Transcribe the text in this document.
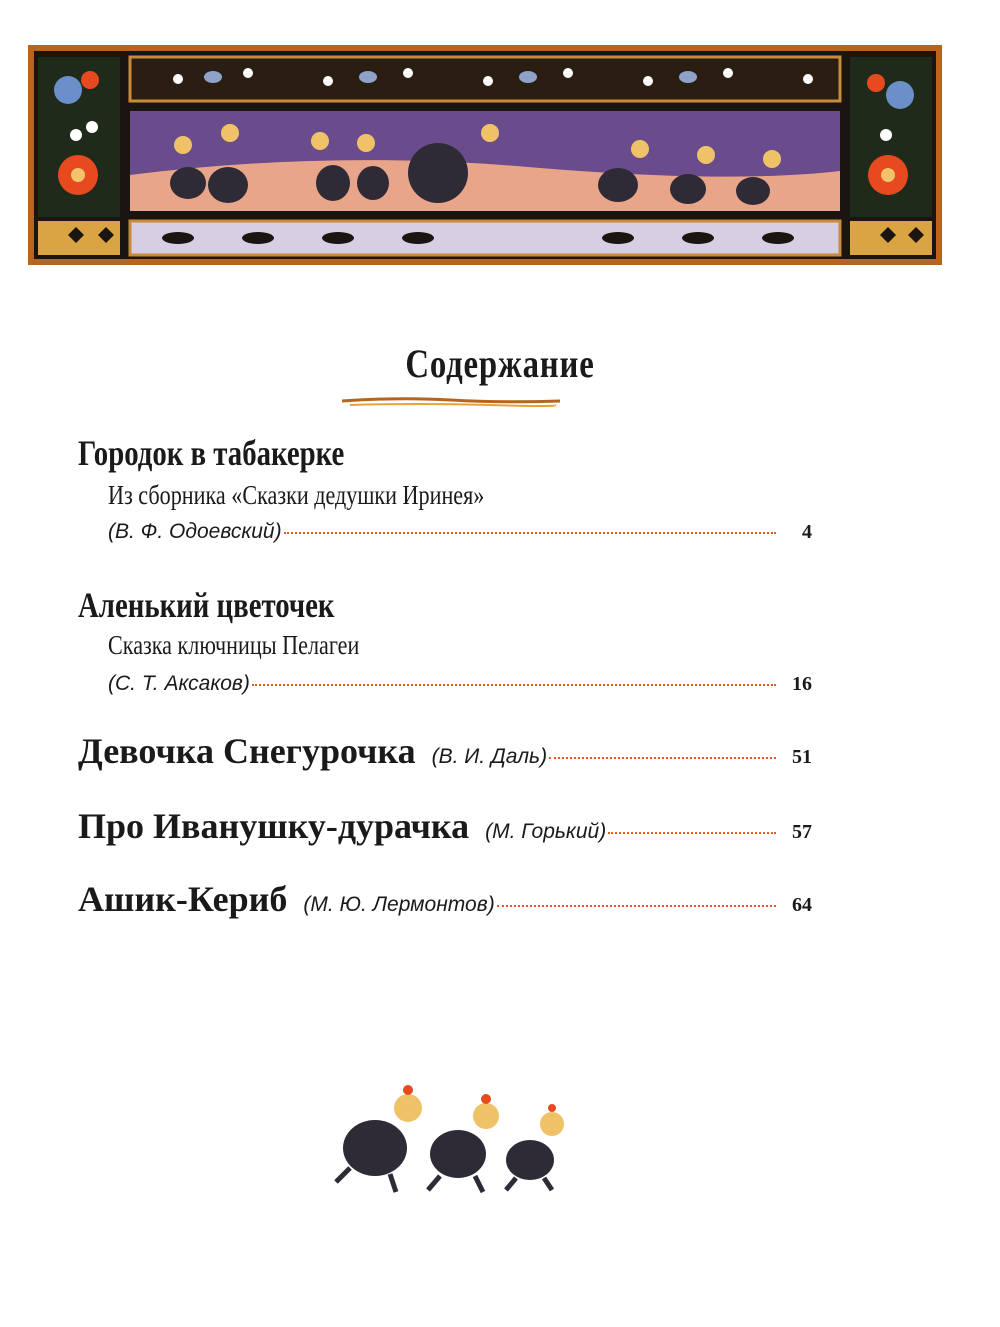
Содержание
Городок в табакерке
Из сборника «Сказки дедушки Иринея»
(В. Ф. Одоевский)	4
Аленький цветочек
Сказка ключницы Пелагеи
(С. Т. Аксаков)	16
Девочка Снегурочка (В. И. Даль)	51
Про Иванушку-дурачка (М. Горький)	57
Ашик-Кериб (М. Ю. Лермонтов)	64
